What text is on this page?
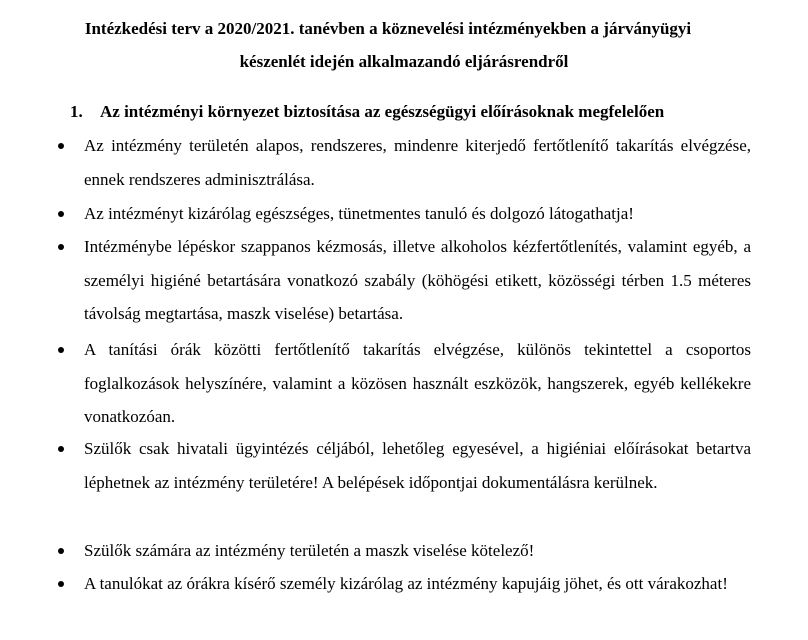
Intézkedési terv a 2020/2021. tanévben a köznevelési intézményekben a járványügyi
készenlét idején alkalmazandó eljárásrendről
1. Az intézményi környezet biztosítása az egészségügyi előírásoknak megfelelően
Az intézmény területén alapos, rendszeres, mindenre kiterjedő fertőtlenítő takarítás elvégzése, ennek rendszeres adminisztrálása.
Az intézményt kizárólag egészséges, tünetmentes tanuló és dolgozó látogathatja!
Intézménybe lépéskor szappanos kézmosás, illetve alkoholos kézfertőtlenítés, valamint egyéb, a személyi higiéné betartására vonatkozó szabály (köhögési etikett, közösségi térben 1.5 méteres távolság megtartása, maszk viselése) betartása.
A tanítási órák közötti fertőtlenítő takarítás elvégzése, különös tekintettel a csoportos foglalkozások helyszínére, valamint a közösen használt eszközök, hangszerek, egyéb kellékekre vonatkozóan.
Szülők csak hivatali ügyintézés céljából, lehetőleg egyesével, a higiéniai előírásokat betartva léphetnek az intézmény területére! A belépések időpontjai dokumentálásra kerülnek.
Szülők számára az intézmény területén a maszk viselése kötelező!
A tanulókat az órákra kísérő személy kizárólag az intézmény kapujáig jöhet, és ott várakozhat!
